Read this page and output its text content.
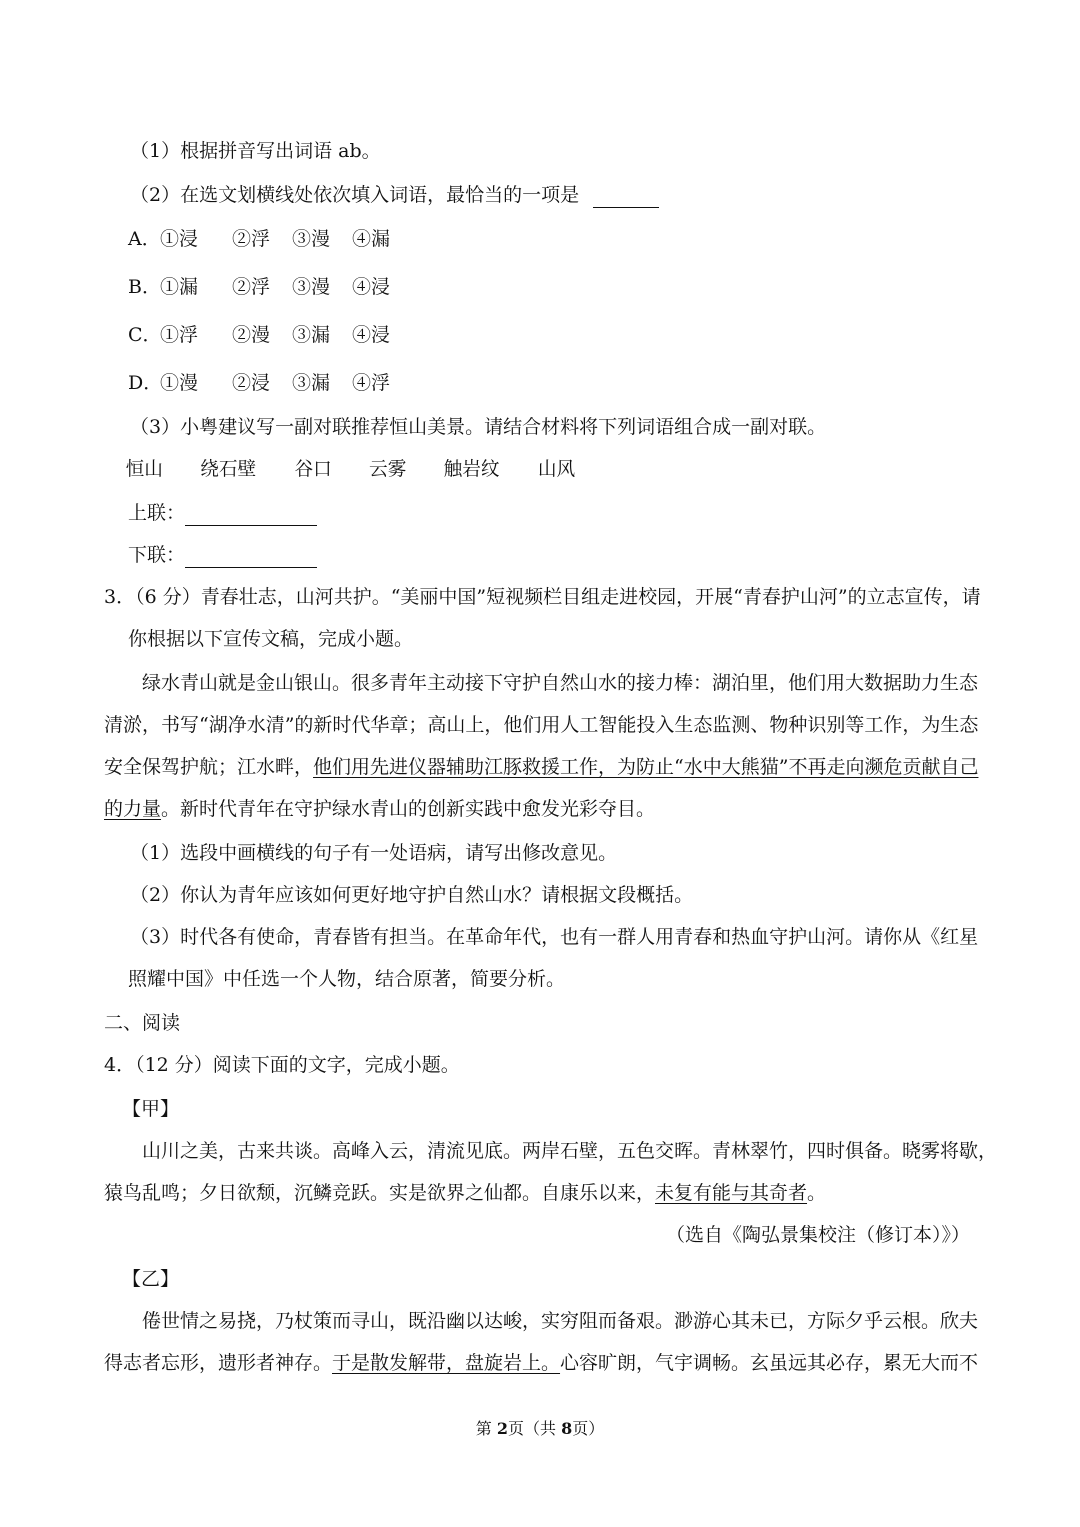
（1）根据拼音写出词语 ab。
（2）在选文划横线处依次填入词语，最恰当的一项是
A．①浸 ②浮 ③漫 ④漏
B．①漏 ②浮 ③漫 ④浸
C．①浮 ②漫 ③漏 ④浸
D．①漫 ②浸 ③漏 ④浮
（3）小粤建议写一副对联推荐恒山美景。请结合材料将下列词语组合成一副对联。
恒山 绕石壁 谷口 云雾 触岩纹 山风
上联：
下联：
3．（6 分）青春壮志，山河共护。“美丽中国”短视频栏目组走进校园，开展“青春护山河”的立志宣传，请
你根据以下宣传文稿，完成小题。
绿水青山就是金山银山。很多青年主动接下守护自然山水的接力棒：湖泊里，他们用大数据助力生态
清淤，书写“湖净水清”的新时代华章；高山上，他们用人工智能投入生态监测、物种识别等工作，为生态
安全保驾护航；江水畔，他们用先进仪器辅助江豚救援工作，为防止“水中大熊猫”不再走向濒危贡献自己
的力量。新时代青年在守护绿水青山的创新实践中愈发光彩夺目。
（1）选段中画横线的句子有一处语病，请写出修改意见。
（2）你认为青年应该如何更好地守护自然山水？请根据文段概括。
（3）时代各有使命，青春皆有担当。在革命年代，也有一群人用青春和热血守护山河。请你从《红星
照耀中国》中任选一个人物，结合原著，简要分析。
二、阅读
4．（12 分）阅读下面的文字，完成小题。
【甲】
山川之美，古来共谈。高峰入云，清流见底。两岸石壁，五色交晖。青林翠竹，四时俱备。晓雾将歇，
猿鸟乱鸣；夕日欲颓，沉鳞竞跃。实是欲界之仙都。自康乐以来，未复有能与其奇者。
（选自《陶弘景集校注（修订本）》）
【乙】
倦世情之易挠，乃杖策而寻山，既沿幽以达峻，实穷阻而备艰。渺游心其未已，方际夕乎云根。欣夫
得志者忘形，遗形者神存。于是散发解带，盘旋岩上。心容旷朗，气宇调畅。玄虽远其必存，累无大而不
第 2页（共 8页）
